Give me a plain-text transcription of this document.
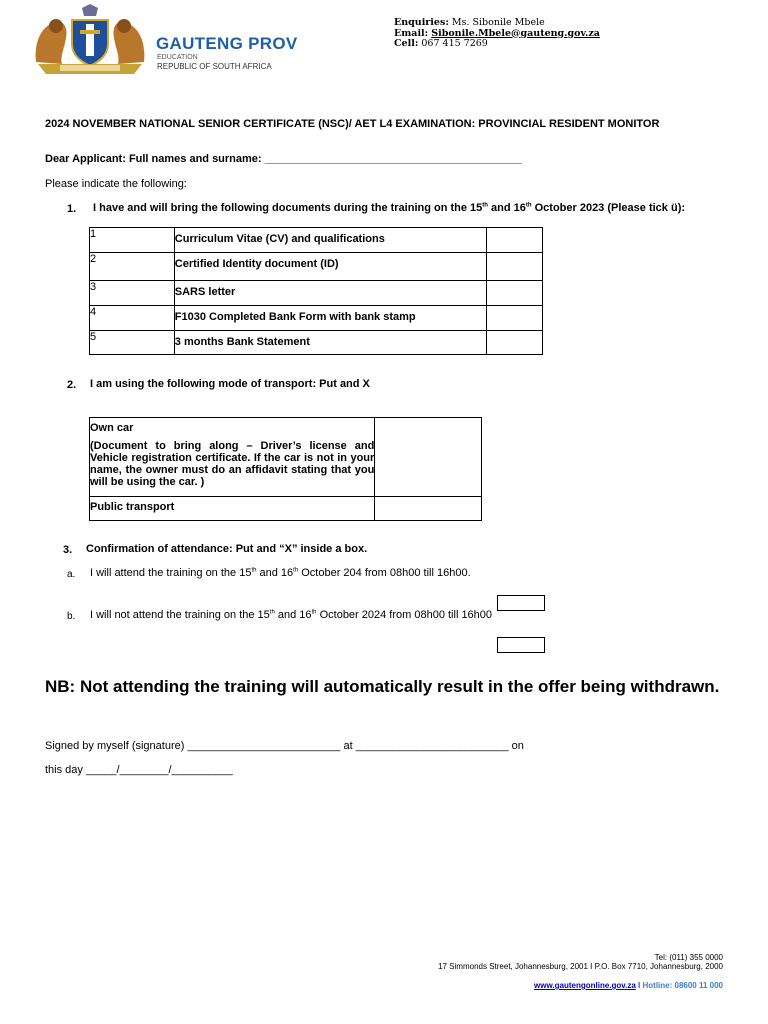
GAUTENG PROV
EDUCATION
REPUBLIC OF SOUTH AFRICA
Enquiries: Ms. Sibonile Mbele
Email: Sibonile.Mbele@gauteng.gov.za
Cell: 067 415 7269
2024 NOVEMBER NATIONAL SENIOR CERTIFICATE (NSC)/ AET L4 EXAMINATION: PROVINCIAL RESIDENT MONITOR
Dear Applicant: Full names and surname: __________________________________________
Please indicate the following:
1. I have and will bring the following documents during the training on the 15th and 16th October 2023 (Please tick ü):
1	Curriculum Vitae (CV) and qualifications	
2	Certified Identity document (ID)	
3	SARS letter	
4	F1030 Completed Bank Form with bank stamp	
5	3 months Bank Statement	
2. I am using the following mode of transport: Put and X
Own car
(Document to bring along – Driver’s license and Vehicle registration certificate. If the car is not in your name, the owner must do an affidavit stating that you will be using the car. )	

Public transport	
3. Confirmation of attendance: Put and “X” inside a box.
a. I will attend the training on the 15th and 16th October 204 from 08h00 till 16h00.
b. I will not attend the training on the 15th and 16th October 2024 from 08h00 till 16h00
NB: Not attending the training will automatically result in the offer being withdrawn.
Signed by myself (signature) _________________________ at _________________________ on
this day _____/________/__________
Tel: (011) 355 0000
17 Simmonds Street, Johannesburg, 2001 I P.O. Box 7710, Johannesburg, 2000
www.gautengonline.gov.za I Hotline: 08600 11 000
